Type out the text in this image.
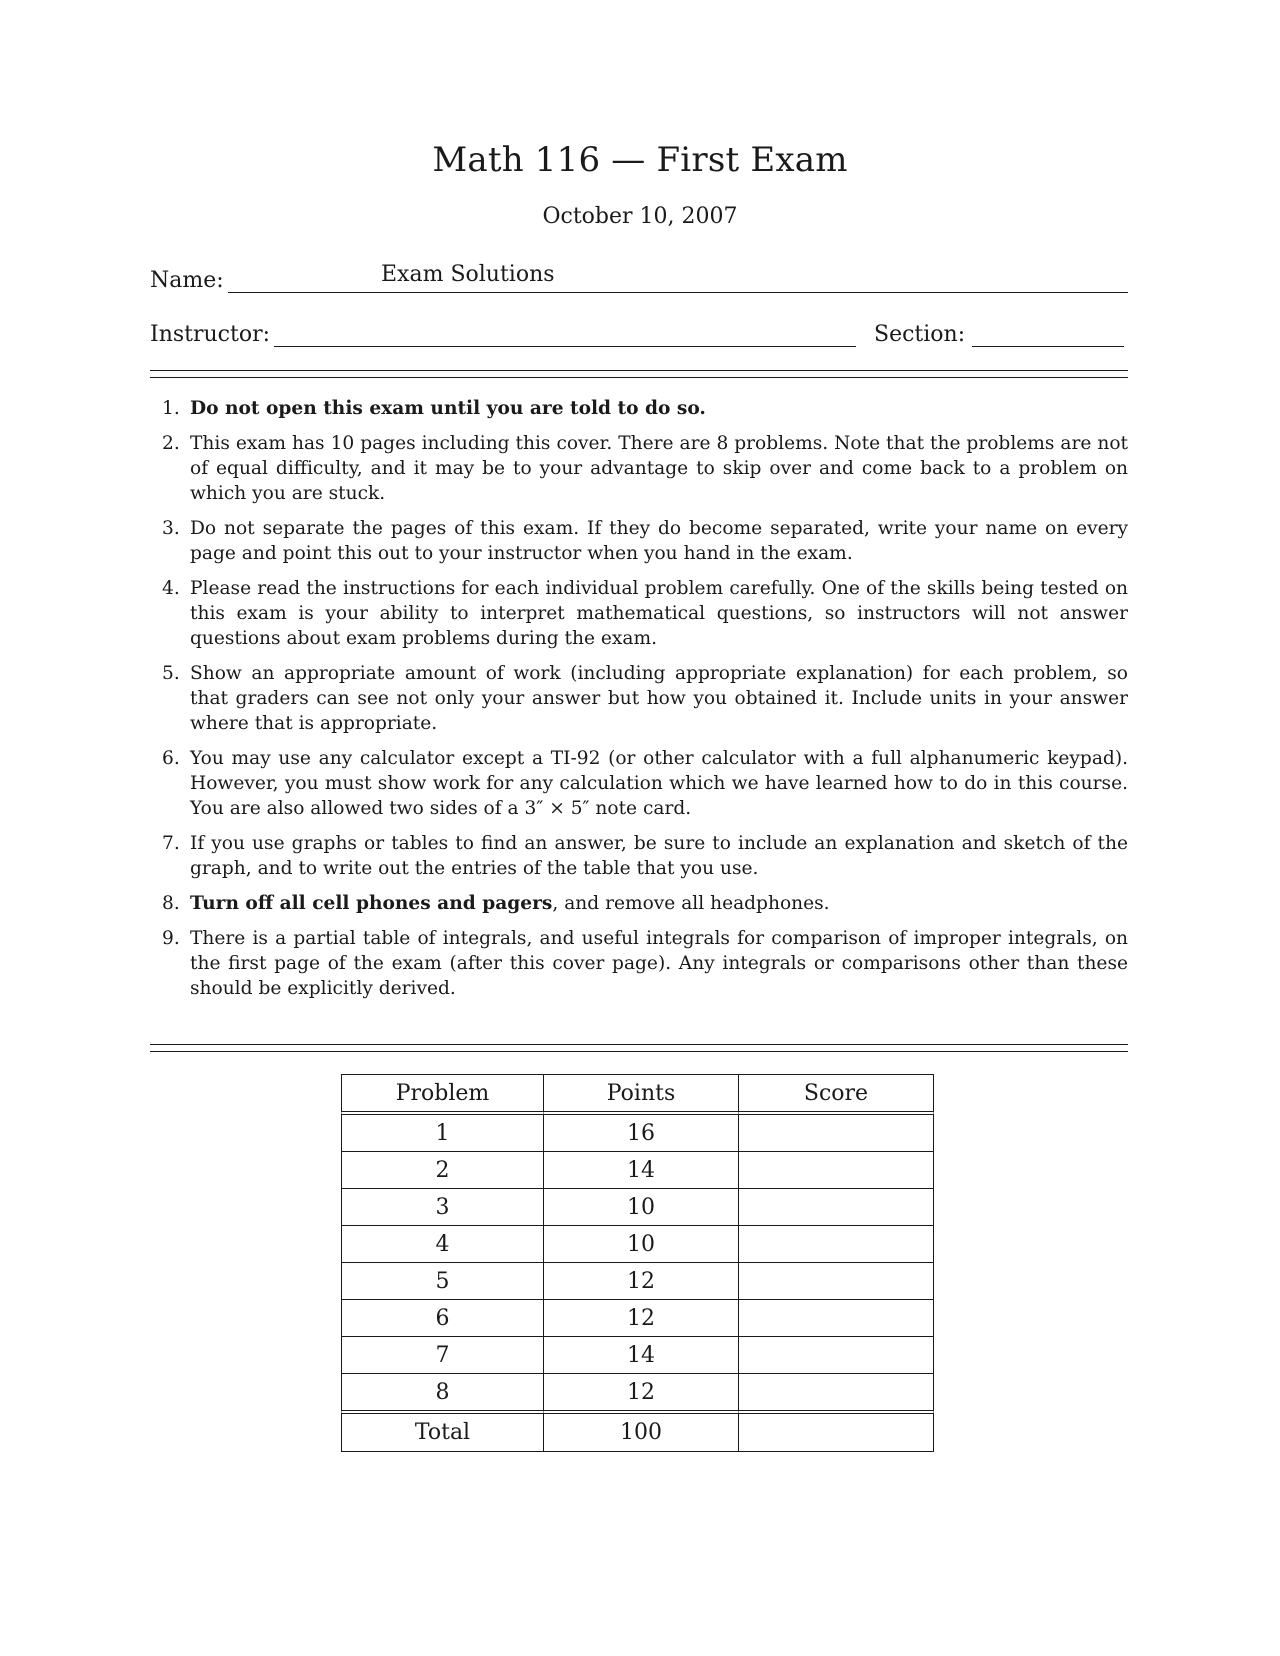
Math 116 — First Exam
October 10, 2007
Name:	Exam Solutions
Instructor:	Section:
1. Do not open this exam until you are told to do so.
2. This exam has 10 pages including this cover. There are 8 problems. Note that the problems are not of equal difficulty, and it may be to your advantage to skip over and come back to a problem on which you are stuck.
3. Do not separate the pages of this exam. If they do become separated, write your name on every page and point this out to your instructor when you hand in the exam.
4. Please read the instructions for each individual problem carefully. One of the skills being tested on this exam is your ability to interpret mathematical questions, so instructors will not answer questions about exam problems during the exam.
5. Show an appropriate amount of work (including appropriate explanation) for each problem, so that graders can see not only your answer but how you obtained it. Include units in your answer where that is appropriate.
6. You may use any calculator except a TI-92 (or other calculator with a full alphanumeric keypad). However, you must show work for any calculation which we have learned how to do in this course. You are also allowed two sides of a 3″ × 5″ note card.
7. If you use graphs or tables to find an answer, be sure to include an explanation and sketch of the graph, and to write out the entries of the table that you use.
8. Turn off all cell phones and pagers, and remove all headphones.
9. There is a partial table of integrals, and useful integrals for comparison of improper integrals, on the first page of the exam (after this cover page). Any integrals or comparisons other than these should be explicitly derived.
Problem	Points	Score
1	16	
2	14	
3	10	
4	10	
5	12	
6	12	
7	14	
8	12	
Total	100	
